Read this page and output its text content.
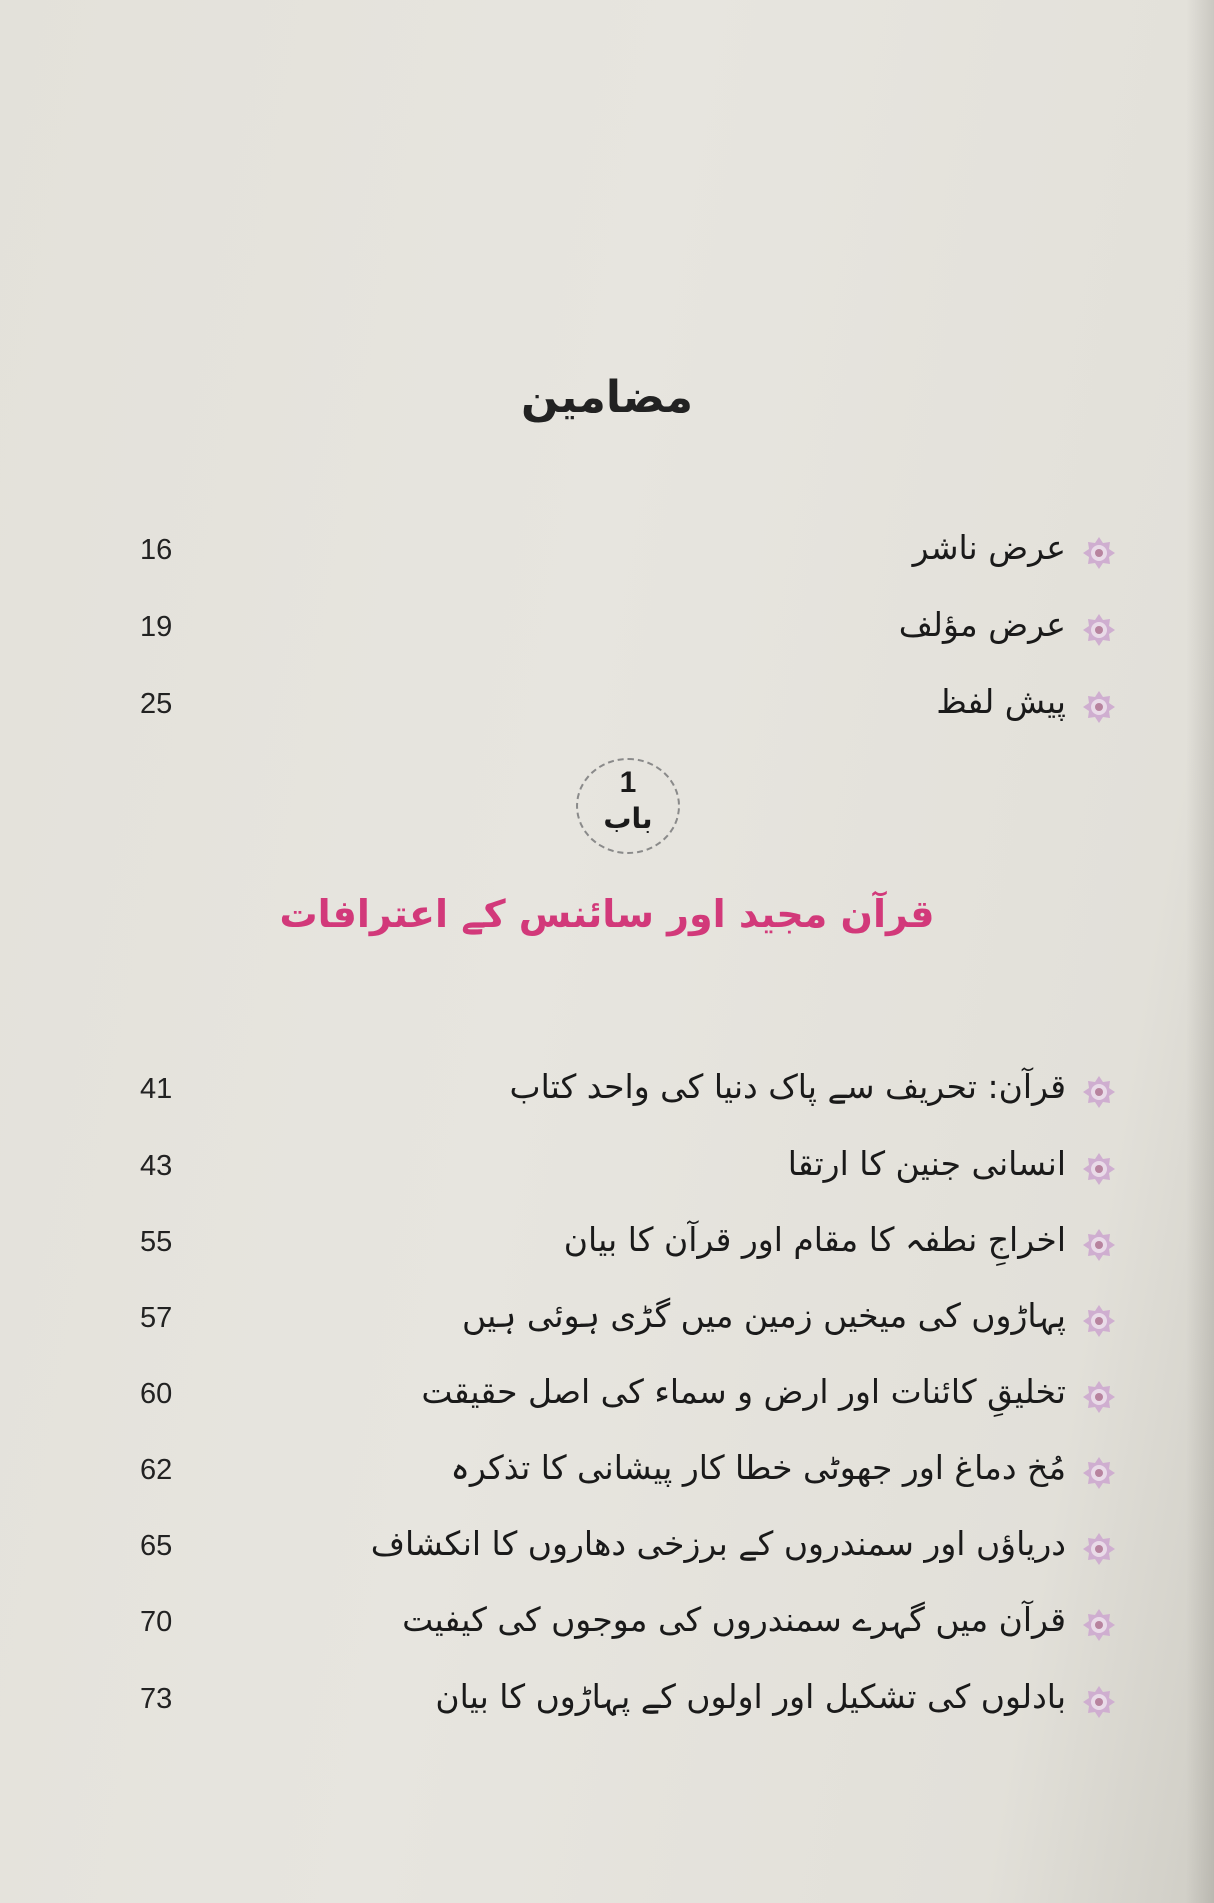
مضامین
16	عرض ناشر
19	عرض مؤلف
25	پیش لفظ
1
باب
قرآن مجید اور سائنس کے اعترافات
41	قرآن: تحریف سے پاک دنیا کی واحد کتاب
43	انسانی جنین کا ارتقا
55	اخراجِ نطفہ کا مقام اور قرآن کا بیان
57	پہاڑوں کی میخیں زمین میں گڑی ہوئی ہیں
60	تخلیقِ کائنات اور ارض و سماء کی اصل حقیقت
62	مُخ دماغ اور جھوٹی خطا کار پیشانی کا تذکرہ
65	دریاؤں اور سمندروں کے برزخی دھاروں کا انکشاف
70	قرآن میں گہرے سمندروں کی موجوں کی کیفیت
73	بادلوں کی تشکیل اور اولوں کے پہاڑوں کا بیان
